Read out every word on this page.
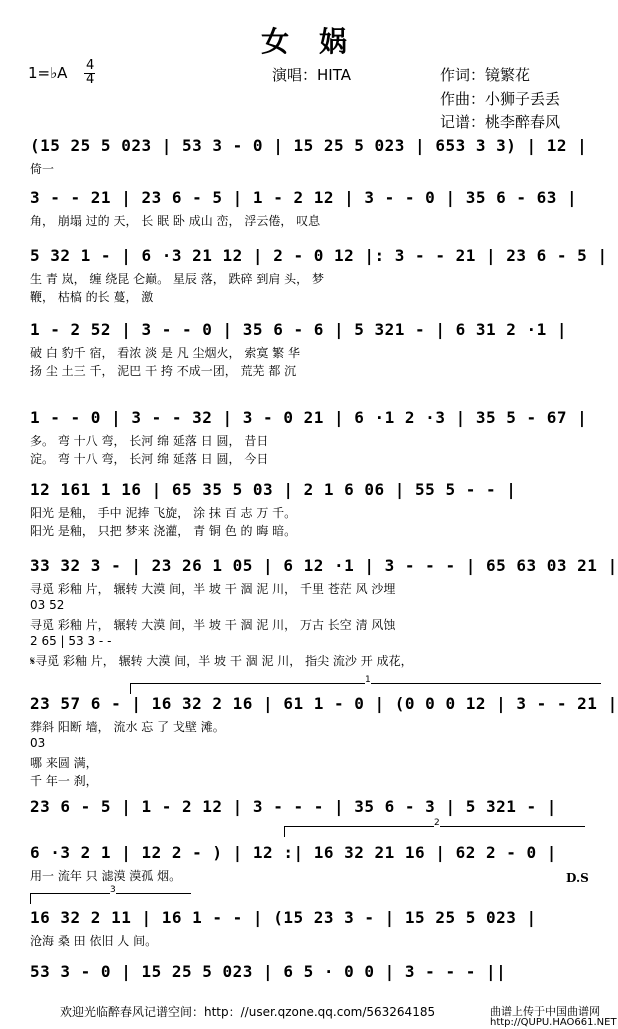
女 娲
1=♭A 4
4	演唱：HITA	作词：镜繁花
作曲：小狮子丢丢
记谱：桃李醉春风
(15 25 5 023 | 53 3 - 0 | 15 25 5 023 | 653 3 3) | 12 |
倚一
3 - - 21 | 23 6 - 5 | 1 - 2 12 | 3 - - 0 | 35 6 - 63 |
角， 崩塌 过的 天， 长 眠 卧 成山 峦， 浮云倦， 叹息
5 32 1 - | 6 ·3 21 12 | 2 - 0 12 |: 3 - - 21 | 23 6 - 5 |
生 青 岚， 缠 绕昆 仑巅。 星辰 落， 跌碎 到肩 头， 梦
鞭， 枯槁 的长 蔓， 激
1 - 2 52 | 3 - - 0 | 35 6 - 6 | 5 321 - | 6 31 2 ·1 |
破 白 豹千 宿， 看浓 淡 是 凡 尘烟火， 索寞 繁 华
扬 尘 土三 千， 泥巴 干 挎 不成一团， 荒芜 都 沉
1 - - 0 | 3 - - 32 | 3 - 0 21 | 6 ·1 2 ·3 | 35 5 - 67 |
多。 弯 十八 弯， 长河 绵 延落 日 圆， 昔日
淀。 弯 十八 弯， 长河 绵 延落 日 圆， 今日
12 161 1 16 | 65 35 5 03 | 2 1 6 06 | 55 5 - - |
阳光 是釉， 手中 泥捧 飞旋， 涂 抹 百 志 万 千。
阳光 是釉， 只把 梦来 浇灌， 青 铜 色 的 晦 暗。
33 32 3 - | 23 26 1 05 | 6 12 ·1 | 3 - - - | 65 63 03 21 |
寻觅 彩釉 片， 辗转 大漠 间，半 坡 干 涸 泥 川， 千里 苍茫 风 沙埋
03 52
寻觅 彩釉 片， 辗转 大漠 间，半 坡 干 涸 泥 川， 万古 长空 清 风蚀
2 65 | 53 3 - -
𝄋寻觅 彩釉 片， 辗转 大漠 间，半 坡 干 涸 泥 川， 指尖 流沙 开 成花，
23 57 6 - | 16 32 2 16 | 61 1 - 0 | (0 0 0 12 | 3 - - 21 |
葬斜 阳断 墙， 流水 忘 了 戈壁 滩。
03
哪 来圆 满，
千 年一 刹，
23 6 - 5 | 1 - 2 12 | 3 - - - | 35 6 - 3 | 5 321 - |
6 ·3 2 1 | 12 2 - ) | 12 :| 16 32 21 16 | 62 2 - 0 |
用一 流年 只 滤漠 漠孤 烟。	D.S
16 32 2 11 | 16 1 - - | (15 23 3 - | 15 25 5 023 |
沧海 桑 田 依旧 人 间。
53 3 - 0 | 15 25 5 023 | 6 5 · 0 0 | 3 - - - ||
1
2
3
欢迎光临醉春风记谱空间：http：//user.qzone.qq.com/563264185	曲谱上传于中国曲谱网
http://QUPU.HAO661.NET
